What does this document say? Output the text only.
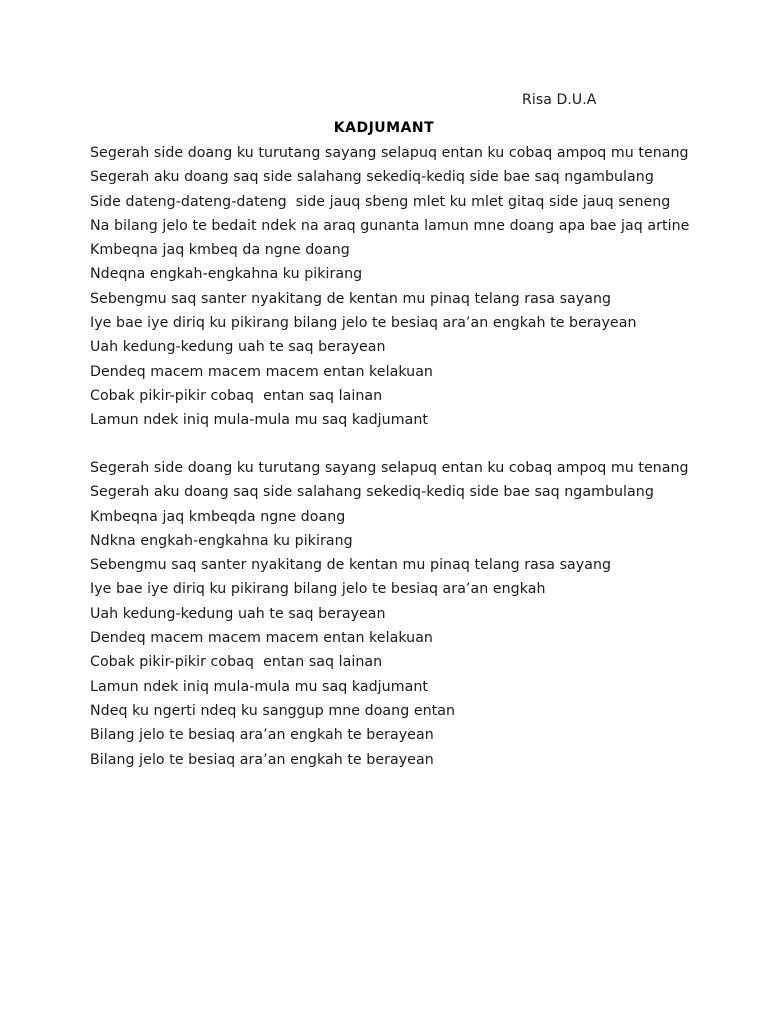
Risa D.U.A
KADJUMANT
Segerah side doang ku turutang sayang selapuq entan ku cobaq ampoq mu tenang
Segerah aku doang saq side salahang sekediq-kediq side bae saq ngambulang
Side dateng-dateng-dateng  side jauq sbeng mlet ku mlet gitaq side jauq seneng
Na bilang jelo te bedait ndek na araq gunanta lamun mne doang apa bae jaq artine
Kmbeqna jaq kmbeq da ngne doang
Ndeqna engkah-engkahna ku pikirang
Sebengmu saq santer nyakitang de kentan mu pinaq telang rasa sayang
Iye bae iye diriq ku pikirang bilang jelo te besiaq ara’an engkah te berayean
Uah kedung-kedung uah te saq berayean
Dendeq macem macem macem entan kelakuan
Cobak pikir-pikir cobaq  entan saq lainan
Lamun ndek iniq mula-mula mu saq kadjumant
Segerah side doang ku turutang sayang selapuq entan ku cobaq ampoq mu tenang
Segerah aku doang saq side salahang sekediq-kediq side bae saq ngambulang
Kmbeqna jaq kmbeqda ngne doang
Ndkna engkah-engkahna ku pikirang
Sebengmu saq santer nyakitang de kentan mu pinaq telang rasa sayang
Iye bae iye diriq ku pikirang bilang jelo te besiaq ara’an engkah
Uah kedung-kedung uah te saq berayean
Dendeq macem macem macem entan kelakuan
Cobak pikir-pikir cobaq  entan saq lainan
Lamun ndek iniq mula-mula mu saq kadjumant
Ndeq ku ngerti ndeq ku sanggup mne doang entan
Bilang jelo te besiaq ara’an engkah te berayean
Bilang jelo te besiaq ara’an engkah te berayean
